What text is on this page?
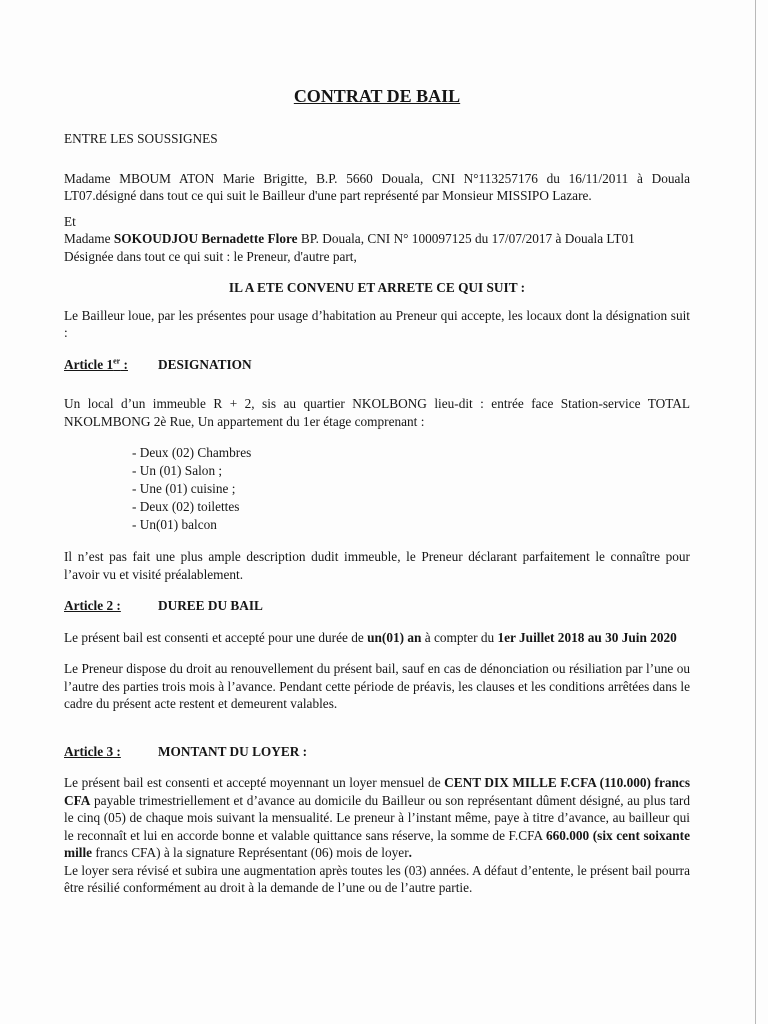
CONTRAT DE BAIL

ENTRE LES SOUSSIGNES

Madame MBOUM ATON Marie Brigitte, B.P. 5660 Douala, CNI N°113257176 du 16/11/2011 à Douala LT07.désigné dans tout ce qui suit le Bailleur d'une part représenté par Monsieur MISSIPO Lazare.

Et

Madame SOKOUDJOU Bernadette Flore BP. Douala, CNI N° 100097125 du 17/07/2017 à Douala LT01

Désignée dans tout ce qui suit : le Preneur, d'autre part,

IL A ETE CONVENU ET ARRETE CE QUI SUIT :

Le Bailleur loue, par les présentes pour usage d’habitation au Preneur qui accepte, les locaux dont la désignation suit :

Article 1er : DESIGNATION

Un local d’un immeuble R + 2, sis au quartier NKOLBONG lieu-dit : entrée face Station-service TOTAL NKOLMBONG 2è Rue, Un appartement du 1er étage comprenant :

- Deux (02) Chambres
- Un (01) Salon ;
- Une (01) cuisine ;
- Deux (02) toilettes
- Un(01) balcon

Il n’est pas fait une plus ample description dudit immeuble, le Preneur déclarant parfaitement le connaître pour l’avoir vu et visité préalablement.

Article 2 :	DUREE DU BAIL

Le présent bail est consenti et accepté pour une durée de un(01) an à compter du 1er Juillet 2018 au 30 Juin 2020

Le Preneur dispose du droit au renouvellement du présent bail, sauf en cas de dénonciation ou résiliation par l’une ou l’autre des parties trois mois à l’avance. Pendant cette période de préavis, les clauses et les conditions arrêtées dans le cadre du présent acte restent et demeurent valables.

Article 3 :	MONTANT DU LOYER :

Le présent bail est consenti et accepté moyennant un loyer mensuel de CENT DIX MILLE F.CFA (110.000) francs CFA payable trimestriellement et d’avance au domicile du Bailleur ou son représentant dûment désigné, au plus tard le cinq (05) de chaque mois suivant la mensualité. Le preneur à l’instant même, paye à titre d’avance, au bailleur qui le reconnaît et lui en accorde bonne et valable quittance sans réserve, la somme de F.CFA 660.000 (six cent soixante mille francs CFA) à la signature Représentant (06) mois de loyer.

Le loyer sera révisé et subira une augmentation après toutes les (03) années. A défaut d’entente, le présent bail pourra être résilié conformément au droit à la demande de l’une ou de l’autre partie.
